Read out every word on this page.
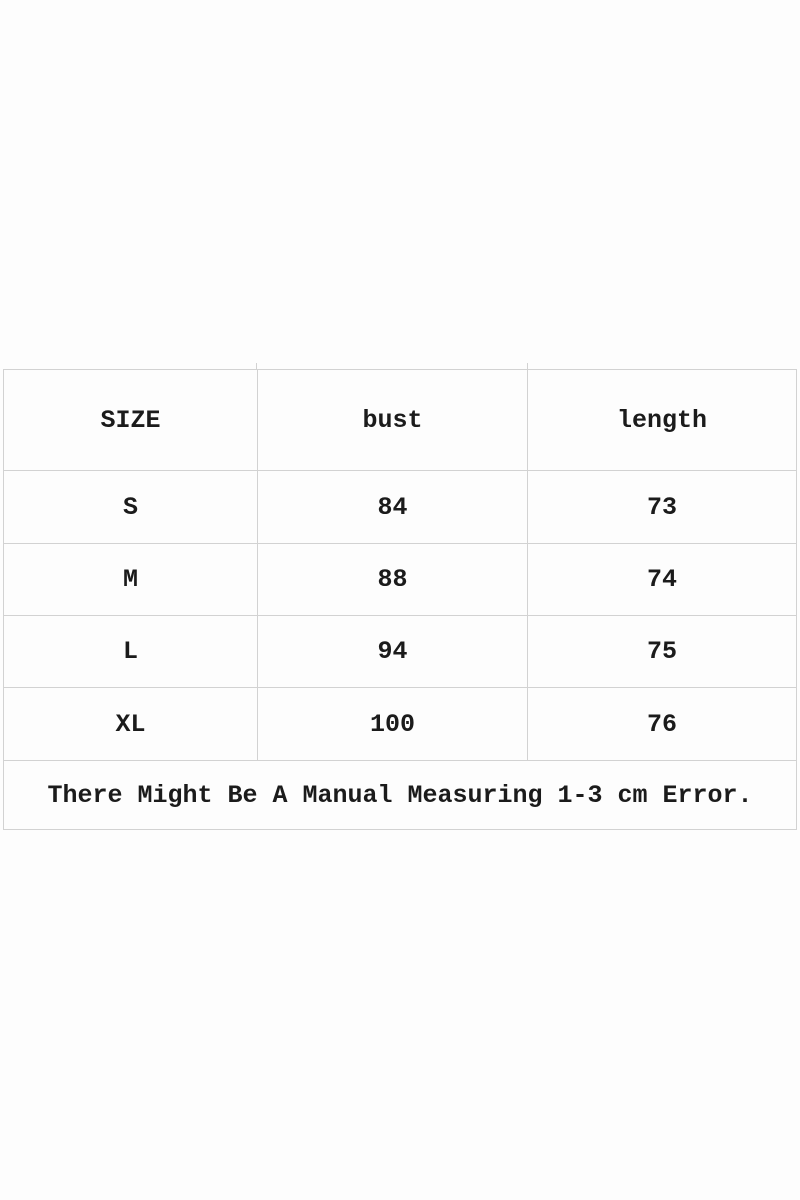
SIZE	bust	length
S	84	73
M	88	74
L	94	75
XL	100	76
There Might Be A Manual Measuring 1-3 cm Error.		
